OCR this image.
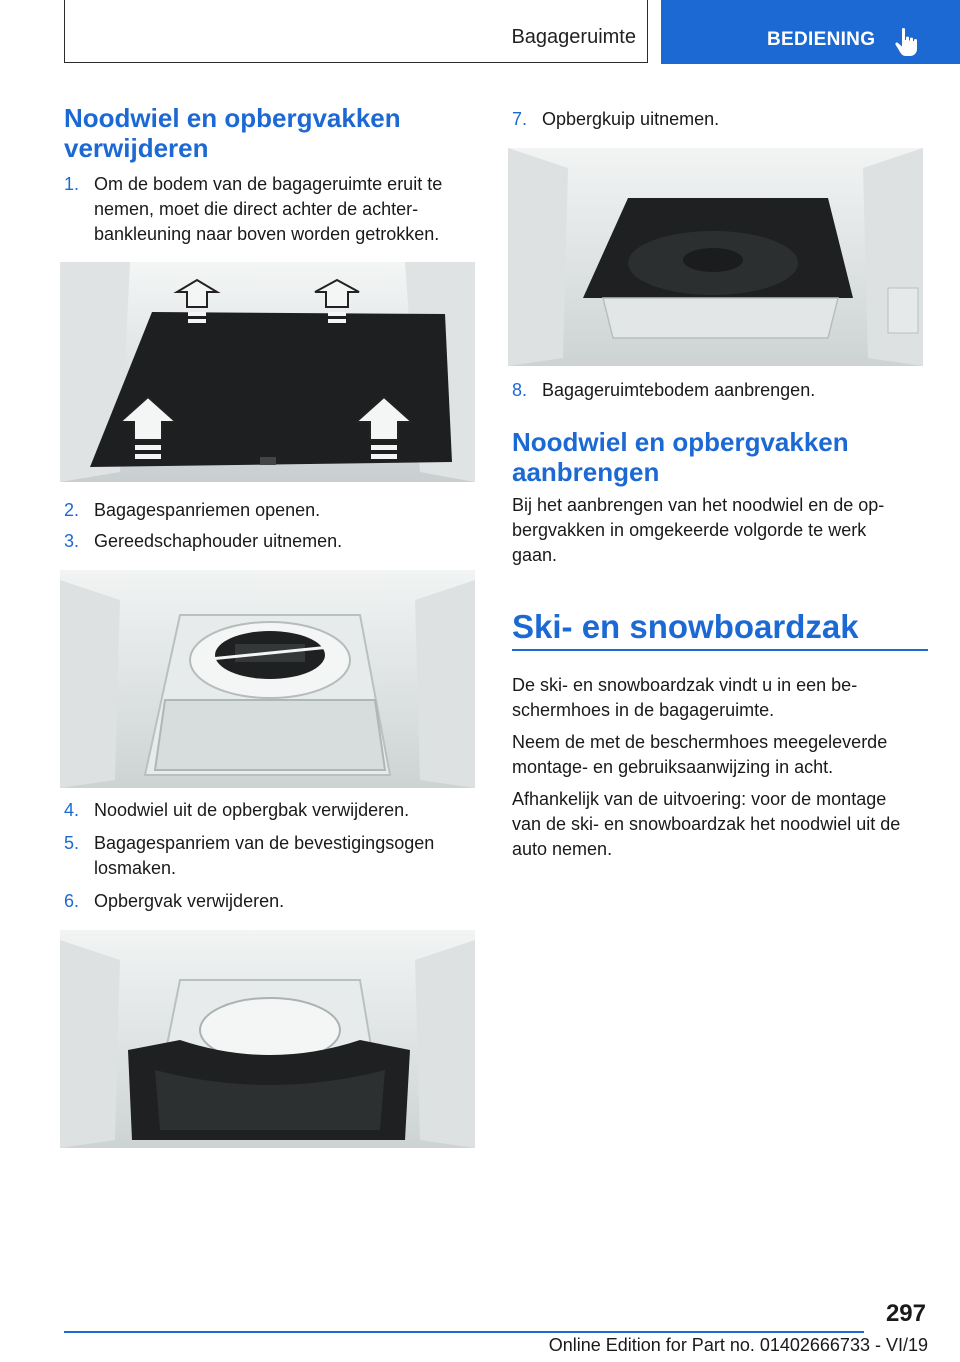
Bagageruimte	BEDIENING
Noodwiel en opbergvakken verwijderen
1. Om de bodem van de bagageruimte eruit te
nemen, moet die direct achter de achter-
bankleuning naar boven worden getrokken.
2. Bagagespanriemen openen.
3. Gereedschaphouder uitnemen.
4. Noodwiel uit de opbergbak verwijderen.
5. Bagagespanriem van de bevestigingsogen
losmaken.
6. Opbergvak verwijderen.
7. Opbergkuip uitnemen.
8. Bagageruimtebodem aanbrengen.
Noodwiel en opbergvakken aanbrengen
Bij het aanbrengen van het noodwiel en de op-
bergvakken in omgekeerde volgorde te werk
gaan.
Ski- en snowboardzak
De ski- en snowboardzak vindt u in een be-
schermhoes in de bagageruimte.
Neem de met de beschermhoes meegeleverde
montage- en gebruiksaanwijzing in acht.
Afhankelijk van de uitvoering: voor de montage
van de ski- en snowboardzak het noodwiel uit de
auto nemen.
297
Online Edition for Part no. 01402666733 - VI/19
